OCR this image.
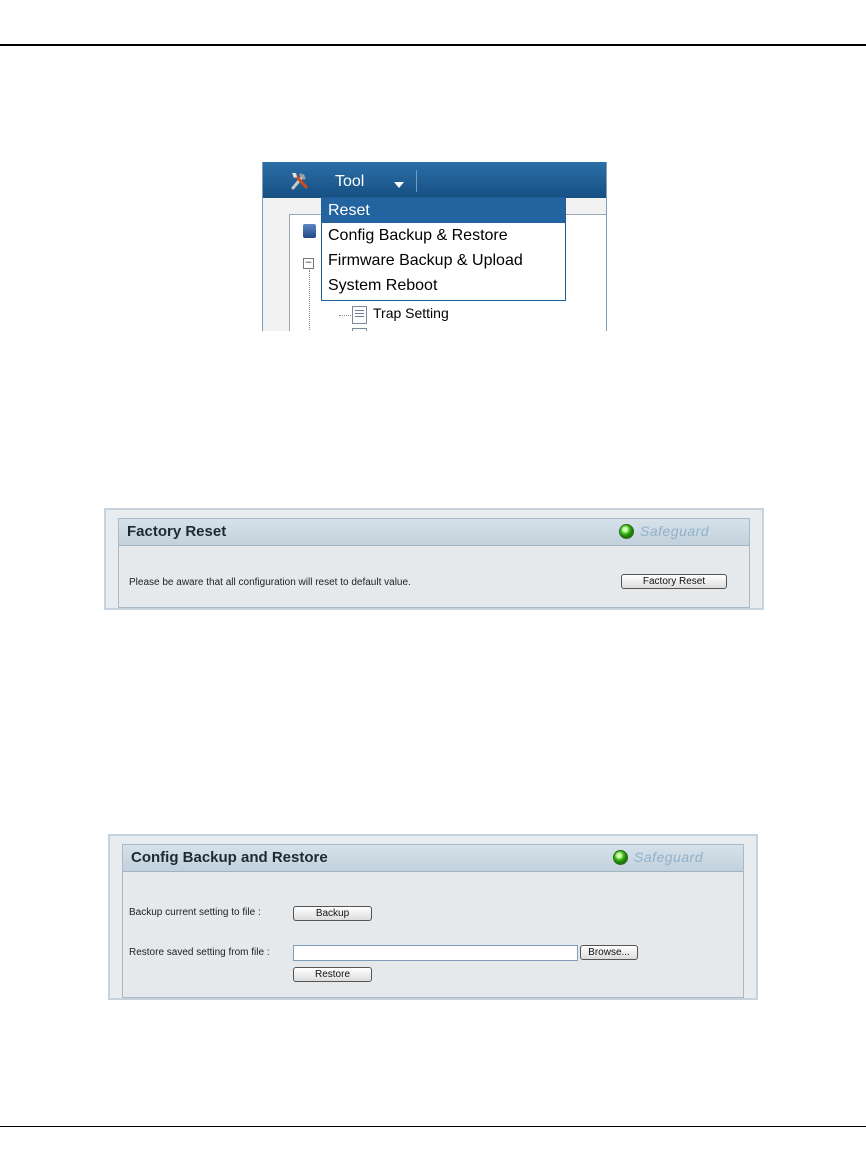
Tool
−
Trap Setting
Reset
Config Backup & Restore
Firmware Backup & Upload
System Reboot
Factory Reset	Safeguard
Please be aware that all configuration will reset to default value.	Factory Reset
Config Backup and Restore	Safeguard
Backup current setting to file :	Backup
Restore saved setting from file :	Browse...
Restore
